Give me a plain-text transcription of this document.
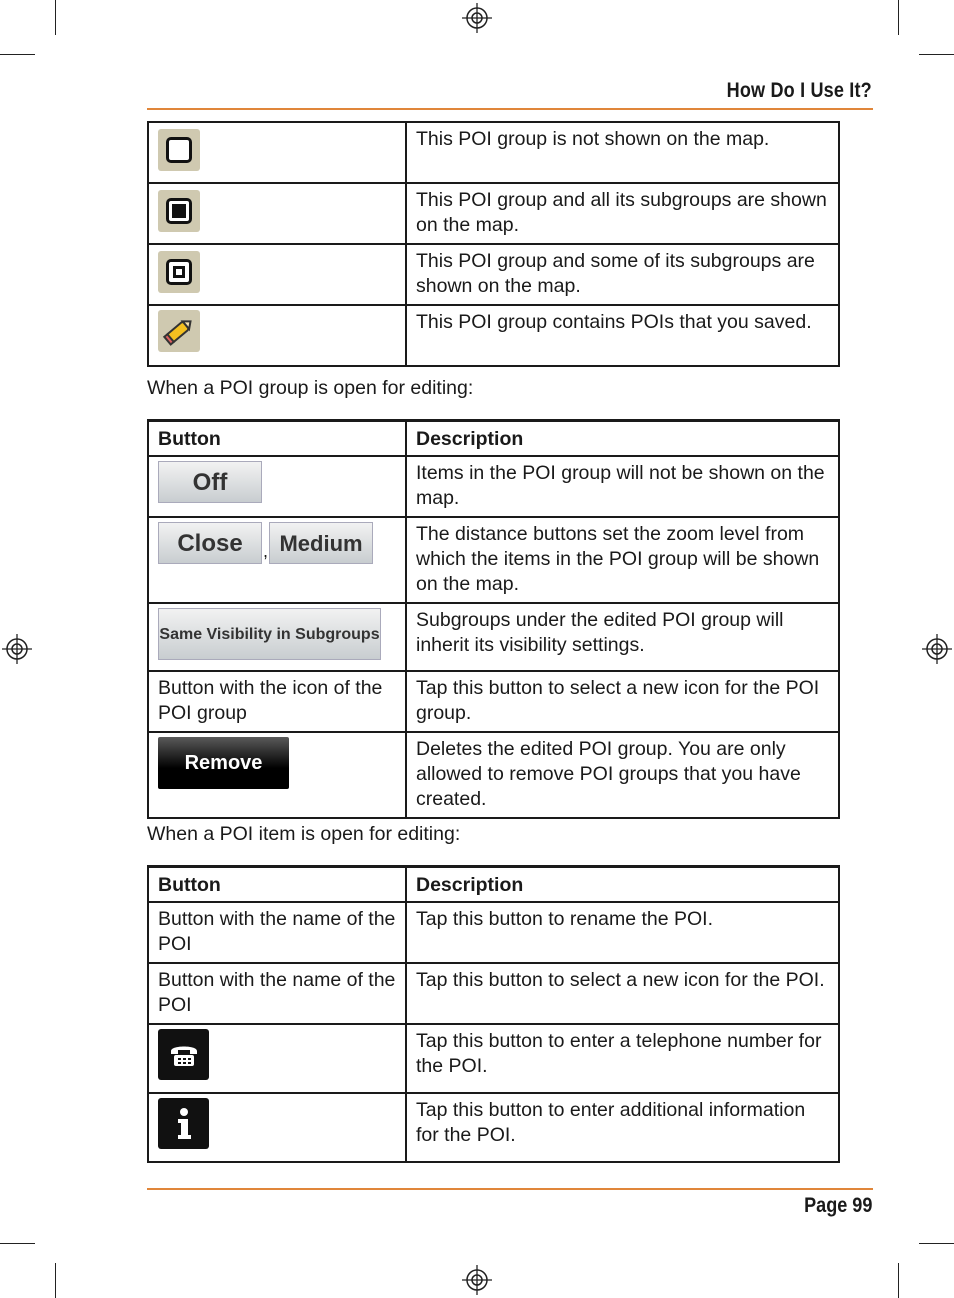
How Do I Use It?
	This POI group is not shown on the map.

	This POI group and all its subgroups are shown on the map.

	This POI group and some of its subgroups are shown on the map.

	This POI group contains POIs that you saved.
When a POI group is open for editing:
Button	Description
Off	Items in the POI group will not be shown on the map.
Close , Medium	The distance buttons set the zoom level from which the items in the POI group will be shown on the map.
Same Visibility in Subgroups	Subgroups under the edited POI group will inherit its visibility settings.
Button with the icon of the POI group	Tap this button to select a new icon for the POI group.
Remove	Deletes the edited POI group. You are only allowed to remove POI groups that you have created.
When a POI item is open for editing:
Button	Description
Button with the name of the POI	Tap this button to rename the POI.
Button with the name of the POI	Tap this button to select a new icon for the POI.

	Tap this button to enter a telephone number for the POI.

	Tap this button to enter additional information for the POI.
Page 99
